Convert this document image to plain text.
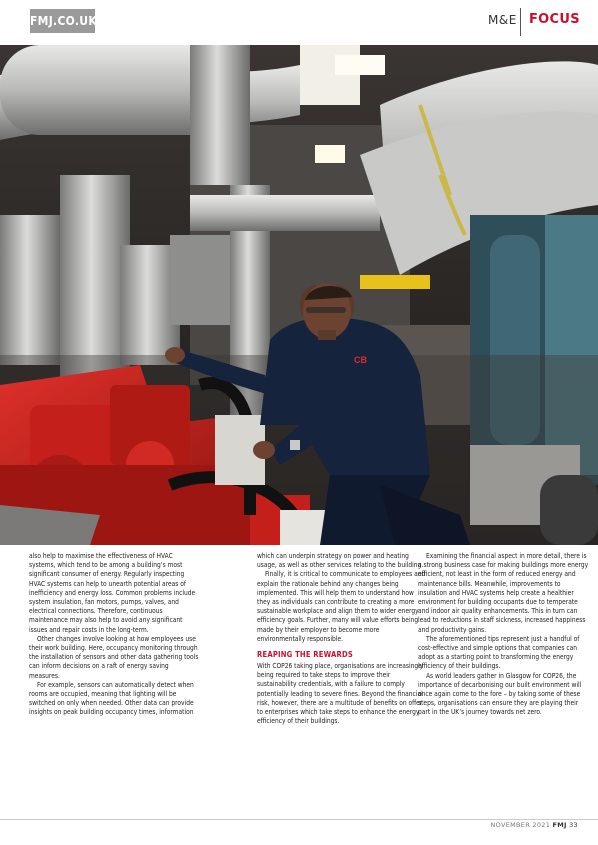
FMJ.CO.UK	M&E FOCUS
CB

also help to maximise the effectiveness of HVAC systems, which tend to be among a building’s most significant consumer of energy. Regularly inspecting HVAC systems can help to unearth potential areas of inefficiency and energy loss. Common problems include system insulation, fan motors, pumps, valves, and electrical connections. Therefore, continuous maintenance may also help to avoid any significant issues and repair costs in the long-term.

Other changes involve looking at how employees use their work building. Here, occupancy monitoring through the installation of sensors and other data gathering tools can inform decisions on a raft of energy saving measures.

For example, sensors can automatically detect when rooms are occupied, meaning that lighting will be switched on only when needed. Other data can provide insights on peak building occupancy times, information

which can underpin strategy on power and heating usage, as well as other services relating to the building.

Finally, it is critical to communicate to employees and explain the rationale behind any changes being implemented. This will help them to understand how they as individuals can contribute to creating a more sustainable workplace and align them to wider energy efficiency goals. Further, many will value efforts being made by their employer to become more environmentally responsible.

REAPING THE REWARDS

With COP26 taking place, organisations are increasingly being required to take steps to improve their sustainability credentials, with a failure to comply potentially leading to severe fines. Beyond the financial risk, however, there are a multitude of benefits on offer to enterprises which take steps to enhance the energy efficiency of their buildings.

Examining the financial aspect in more detail, there is a strong business case for making buildings more energy efficient, not least in the form of reduced energy and maintenance bills. Meanwhile, improvements to insulation and HVAC systems help create a healthier environment for building occupants due to temperate and indoor air quality enhancements. This in turn can lead to reductions in staff sickness, increased happiness and productivity gains.

The aforementioned tips represent just a handful of cost-effective and simple options that companies can adopt as a starting point to transforming the energy efficiency of their buildings.

As world leaders gather in Glasgow for COP26, the importance of decarbonising our built environment will once again come to the fore – by taking some of these steps, organisations can ensure they are playing their part in the UK’s journey towards net zero.

NOVEMBER 2021 FMJ 33
